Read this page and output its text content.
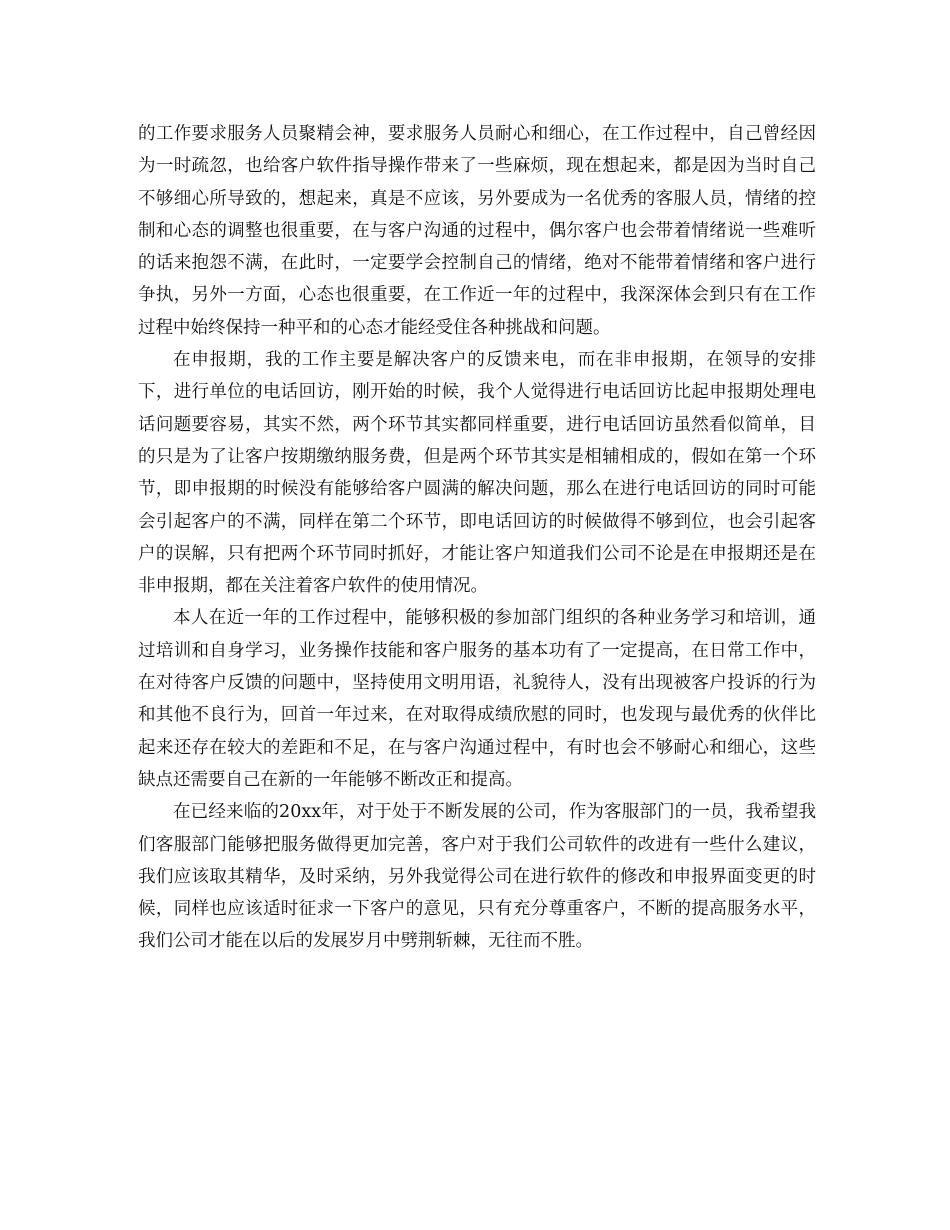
的工作要求服务人员聚精会神，要求服务人员耐心和细心，在工作过程中，自己曾经因为一时疏忽，也给客户软件指导操作带来了一些麻烦，现在想起来，都是因为当时自己不够细心所导致的，想起来，真是不应该，另外要成为一名优秀的客服人员，情绪的控制和心态的调整也很重要，在与客户沟通的过程中，偶尔客户也会带着情绪说一些难听的话来抱怨不满，在此时，一定要学会控制自己的情绪，绝对不能带着情绪和客户进行争执，另外一方面，心态也很重要，在工作近一年的过程中，我深深体会到只有在工作过程中始终保持一种平和的心态才能经受住各种挑战和问题。

在申报期，我的工作主要是解决客户的反馈来电，而在非申报期，在领导的安排下，进行单位的电话回访，刚开始的时候，我个人觉得进行电话回访比起申报期处理电话问题要容易，其实不然，两个环节其实都同样重要，进行电话回访虽然看似简单，目的只是为了让客户按期缴纳服务费，但是两个环节其实是相辅相成的，假如在第一个环节，即申报期的时候没有能够给客户圆满的解决问题，那么在进行电话回访的同时可能会引起客户的不满，同样在第二个环节，即电话回访的时候做得不够到位，也会引起客户的误解，只有把两个环节同时抓好，才能让客户知道我们公司不论是在申报期还是在非申报期，都在关注着客户软件的使用情况。

本人在近一年的工作过程中，能够积极的参加部门组织的各种业务学习和培训，通过培训和自身学习，业务操作技能和客户服务的基本功有了一定提高，在日常工作中，在对待客户反馈的问题中，坚持使用文明用语，礼貌待人，没有出现被客户投诉的行为和其他不良行为，回首一年过来，在对取得成绩欣慰的同时，也发现与最优秀的伙伴比起来还存在较大的差距和不足，在与客户沟通过程中，有时也会不够耐心和细心，这些缺点还需要自己在新的一年能够不断改正和提高。

在已经来临的20xx年，对于处于不断发展的公司，作为客服部门的一员，我希望我们客服部门能够把服务做得更加完善，客户对于我们公司软件的改进有一些什么建议，我们应该取其精华，及时采纳，另外我觉得公司在进行软件的修改和申报界面变更的时候，同样也应该适时征求一下客户的意见，只有充分尊重客户，不断的提高服务水平，我们公司才能在以后的发展岁月中劈荆斩棘，无往而不胜。
